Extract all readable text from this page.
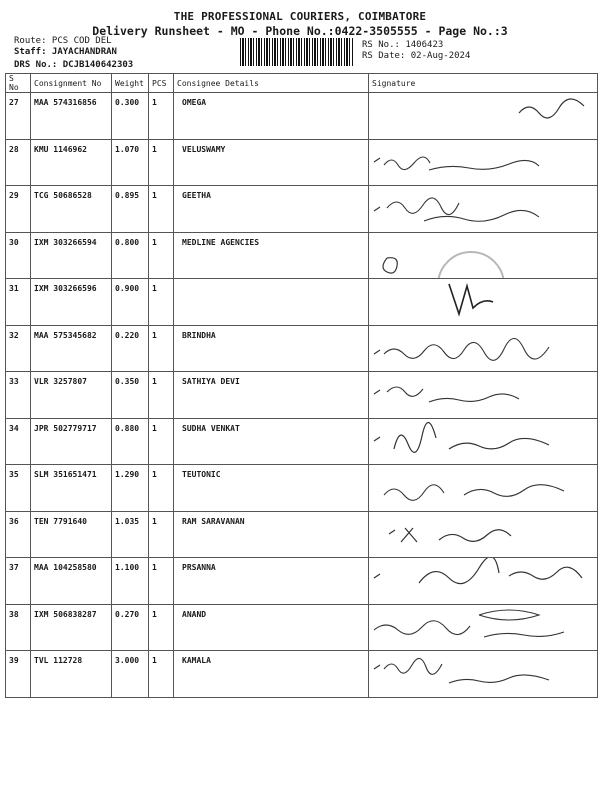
THE PROFESSIONAL COURIERS, COIMBATORE
Delivery Runsheet - MO - Phone No.:0422-3505555 - Page No.:3
Route: PCS COD DEL
Staff: JAYACHANDRAN
DRS No.: DCJB140642303
RS No.: 1406423
RS Date: 02-Aug-2024
S No	Consignment No	Weight	PCS	Consignee Details	Signature
27	MAA 574316856	0.300	1	OMEGA	

28	KMU 1146962	1.070	1	VELUSWAMY	

29	TCG 50686528	0.895	1	GEETHA	

30	IXM 303266594	0.800	1	MEDLINE AGENCIES	

31	IXM 303266596	0.900	1		

32	MAA 575345682	0.220	1	BRINDHA	

33	VLR 3257807	0.350	1	SATHIYA DEVI	

34	JPR 502779717	0.880	1	SUDHA VENKAT	

35	SLM 351651471	1.290	1	TEUTONIC	

36	TEN 7791640	1.035	1	RAM SARAVANAN	

37	MAA 104258580	1.100	1	PRSANNA	

38	IXM 506838287	0.270	1	ANAND	

39	TVL 112728	3.000	1	KAMALA	
